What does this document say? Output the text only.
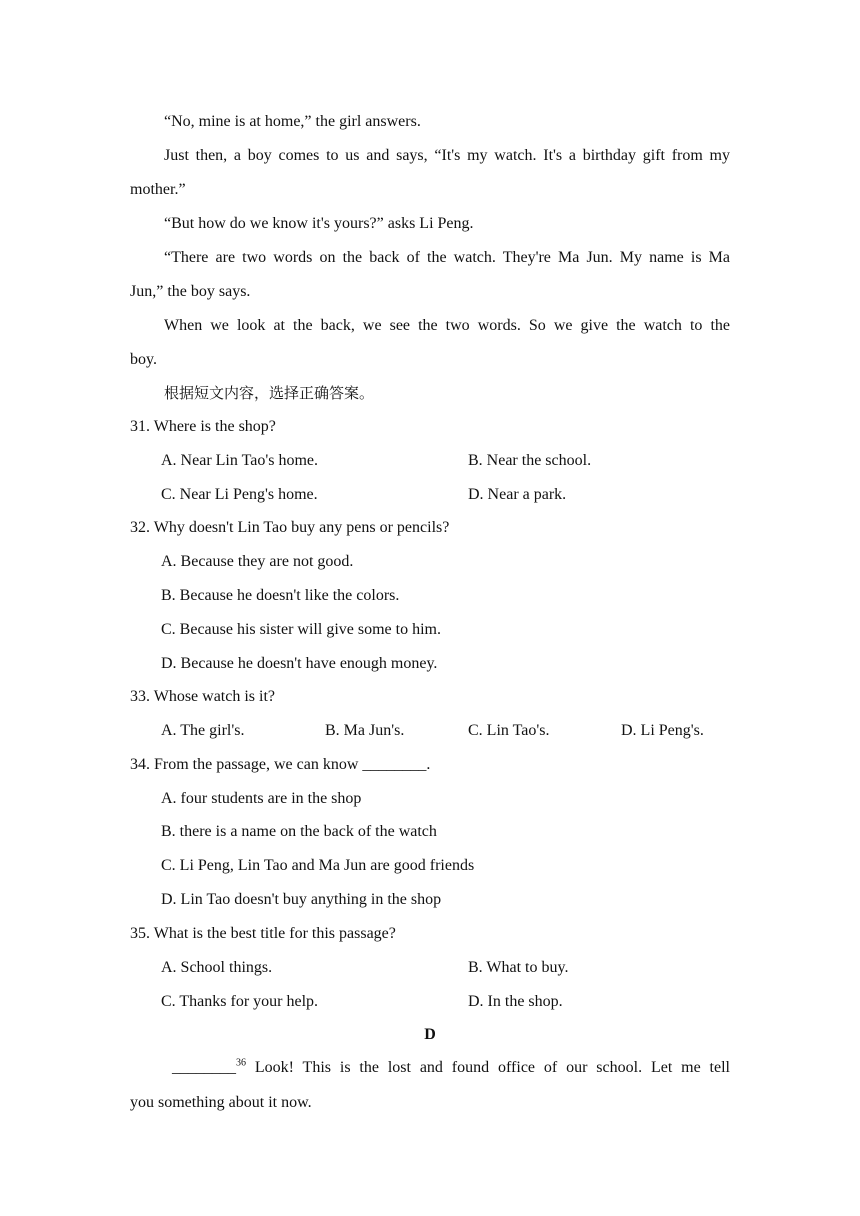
“No, mine is at home,” the girl answers.
Just then, a boy comes to us and says, “It's my watch. It's a birthday gift from my
mother.”
“But how do we know it's yours?” asks Li Peng.
“There are two words on the back of the watch. They're Ma Jun. My name is Ma
Jun,” the boy says.
When we look at the back, we see the two words. So we give the watch to the
boy.
根据短文内容，选择正确答案。
31. Where is the shop?
A. Near Lin Tao's home.	B. Near the school.
C. Near Li Peng's home.	D. Near a park.
32. Why doesn't Lin Tao buy any pens or pencils?
A. Because they are not good.
B. Because he doesn't like the colors.
C. Because his sister will give some to him.
D. Because he doesn't have enough money.
33. Whose watch is it?
A. The girl's.	B. Ma Jun's.	C. Lin Tao's.	D. Li Peng's.
34. From the passage, we can know ________.
A. four students are in the shop
B. there is a name on the back of the watch
C. Li Peng, Lin Tao and Ma Jun are good friends
D. Lin Tao doesn't buy anything in the shop
35. What is the best title for this passage?
A. School things.	B. What to buy.
C. Thanks for your help.	D. In the shop.
D
________$^{36}$ Look! This is the lost and found office of our school. Let me tell
you something about it now.
